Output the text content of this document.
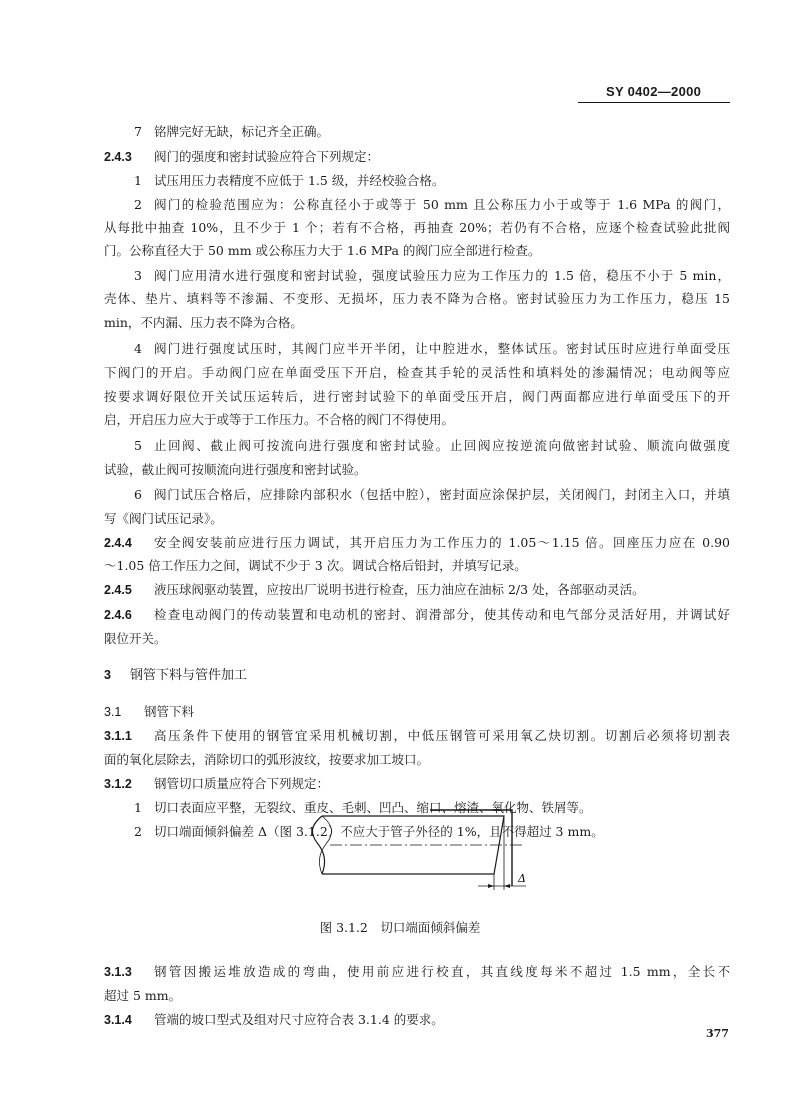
SY 0402—2000
7 铭牌完好无缺，标记齐全正确。
2.4.3 阀门的强度和密封试验应符合下列规定：
1 试压用压力表精度不应低于 1.5 级，并经校验合格。
2 阀门的检验范围应为：公称直径小于或等于 50 mm 且公称压力小于或等于 1.6 MPa 的阀门，
从每批中抽查 10%，且不少于 1 个；若有不合格，再抽查 20%；若仍有不合格，应逐个检查试验此批阀
门。公称直径大于 50 mm 或公称压力大于 1.6 MPa 的阀门应全部进行检查。
3 阀门应用清水进行强度和密封试验，强度试验压力应为工作压力的 1.5 倍，稳压不小于 5 min，
壳体、垫片、填料等不渗漏、不变形、无损坏，压力表不降为合格。密封试验压力为工作压力，稳压 15
min，不内漏、压力表不降为合格。
4 阀门进行强度试压时，其阀门应半开半闭，让中腔进水，整体试压。密封试压时应进行单面受压
下阀门的开启。手动阀门应在单面受压下开启，检查其手轮的灵活性和填料处的渗漏情况；电动阀等应
按要求调好限位开关试压运转后，进行密封试验下的单面受压开启，阀门两面都应进行单面受压下的开
启，开启压力应大于或等于工作压力。不合格的阀门不得使用。
5 止回阀、截止阀可按流向进行强度和密封试验。止回阀应按逆流向做密封试验、顺流向做强度
试验，截止阀可按顺流向进行强度和密封试验。
6 阀门试压合格后，应排除内部积水（包括中腔），密封面应涂保护层，关闭阀门，封闭主入口，并填
写《阀门试压记录》。
2.4.4 安全阀安装前应进行压力调试，其开启压力为工作压力的 1.05～1.15 倍。回座压力应在 0.90
～1.05 倍工作压力之间，调试不少于 3 次。调试合格后铅封，并填写记录。
2.4.5 液压球阀驱动装置，应按出厂说明书进行检查，压力油应在油标 2/3 处，各部驱动灵活。
2.4.6 检查电动阀门的传动装置和电动机的密封、润滑部分，使其传动和电气部分灵活好用，并调试好
限位开关。
3 钢管下料与管件加工
3.1 钢管下料
3.1.1 高压条件下使用的钢管宜采用机械切割，中低压钢管可采用氧乙炔切割。切割后必须将切割表
面的氧化层除去，消除切口的弧形波纹，按要求加工坡口。
3.1.2 钢管切口质量应符合下列规定：
1 切口表面应平整，无裂纹、重皮、毛刺、凹凸、缩口、熔渣、氧化物、铁屑等。
2 切口端面倾斜偏差 Δ（图 3.1.2）不应大于管子外径的 1%，且不得超过 3 mm。
Δ
图 3.1.2　切口端面倾斜偏差
3.1.3 钢管因搬运堆放造成的弯曲，使用前应进行校直，其直线度每米不超过 1.5 mm，全长不
超过 5 mm。
3.1.4 管端的坡口型式及组对尺寸应符合表 3.1.4 的要求。
377
